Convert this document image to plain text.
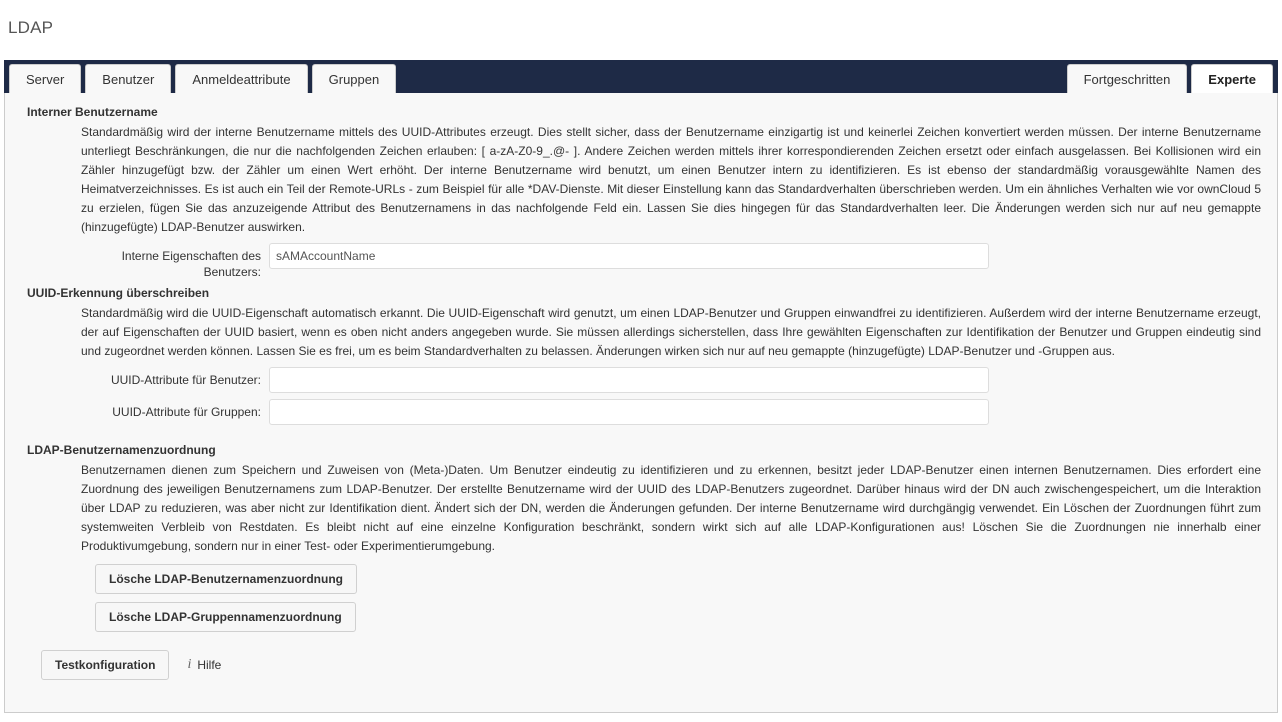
LDAP
Server	Benutzer	Anmeldeattribute	Gruppen	Fortgeschritten	Experte
Interner Benutzername
Standardmäßig wird der interne Benutzername mittels des UUID-Attributes erzeugt. Dies stellt sicher, dass der Benutzername einzigartig ist und keinerlei Zeichen konvertiert werden müssen. Der interne Benutzername unterliegt Beschränkungen, die nur die nachfolgenden Zeichen erlauben: [ a-zA-Z0-9_.@- ]. Andere Zeichen werden mittels ihrer korrespondierenden Zeichen ersetzt oder einfach ausgelassen. Bei Kollisionen wird ein Zähler hinzugefügt bzw. der Zähler um einen Wert erhöht. Der interne Benutzername wird benutzt, um einen Benutzer intern zu identifizieren. Es ist ebenso der standardmäßig vorausgewählte Namen des Heimatverzeichnisses. Es ist auch ein Teil der Remote-URLs - zum Beispiel für alle *DAV-Dienste. Mit dieser Einstellung kann das Standardverhalten überschrieben werden. Um ein ähnliches Verhalten wie vor ownCloud 5 zu erzielen, fügen Sie das anzuzeigende Attribut des Benutzernamens in das nachfolgende Feld ein. Lassen Sie dies hingegen für das Standardverhalten leer. Die Änderungen werden sich nur auf neu gemappte (hinzugefügte) LDAP-Benutzer auswirken.
Interne Eigenschaften des
Benutzers:
sAMAccountName
UUID-Erkennung überschreiben
Standardmäßig wird die UUID-Eigenschaft automatisch erkannt. Die UUID-Eigenschaft wird genutzt, um einen LDAP-Benutzer und Gruppen einwandfrei zu identifizieren. Außerdem wird der interne Benutzername erzeugt, der auf Eigenschaften der UUID basiert, wenn es oben nicht anders angegeben wurde. Sie müssen allerdings sicherstellen, dass Ihre gewählten Eigenschaften zur Identifikation der Benutzer und Gruppen eindeutig sind und zugeordnet werden können. Lassen Sie es frei, um es beim Standardverhalten zu belassen. Änderungen wirken sich nur auf neu gemappte (hinzugefügte) LDAP-Benutzer und -Gruppen aus.
UUID-Attribute für Benutzer:
UUID-Attribute für Gruppen:
LDAP-Benutzernamenzuordnung
Benutzernamen dienen zum Speichern und Zuweisen von (Meta-)Daten. Um Benutzer eindeutig zu identifizieren und zu erkennen, besitzt jeder LDAP-Benutzer einen internen Benutzernamen. Dies erfordert eine Zuordnung des jeweiligen Benutzernamens zum LDAP-Benutzer. Der erstellte Benutzername wird der UUID des LDAP-Benutzers zugeordnet. Darüber hinaus wird der DN auch zwischengespeichert, um die Interaktion über LDAP zu reduzieren, was aber nicht zur Identifikation dient. Ändert sich der DN, werden die Änderungen gefunden. Der interne Benutzername wird durchgängig verwendet. Ein Löschen der Zuordnungen führt zum systemweiten Verbleib von Restdaten. Es bleibt nicht auf eine einzelne Konfiguration beschränkt, sondern wirkt sich auf alle LDAP-Konfigurationen aus! Löschen Sie die Zuordnungen nie innerhalb einer Produktivumgebung, sondern nur in einer Test- oder Experimentierumgebung.
Lösche LDAP-Benutzernamenzuordnung
Lösche LDAP-Gruppennamenzuordnung
Testkonfiguration	i Hilfe
